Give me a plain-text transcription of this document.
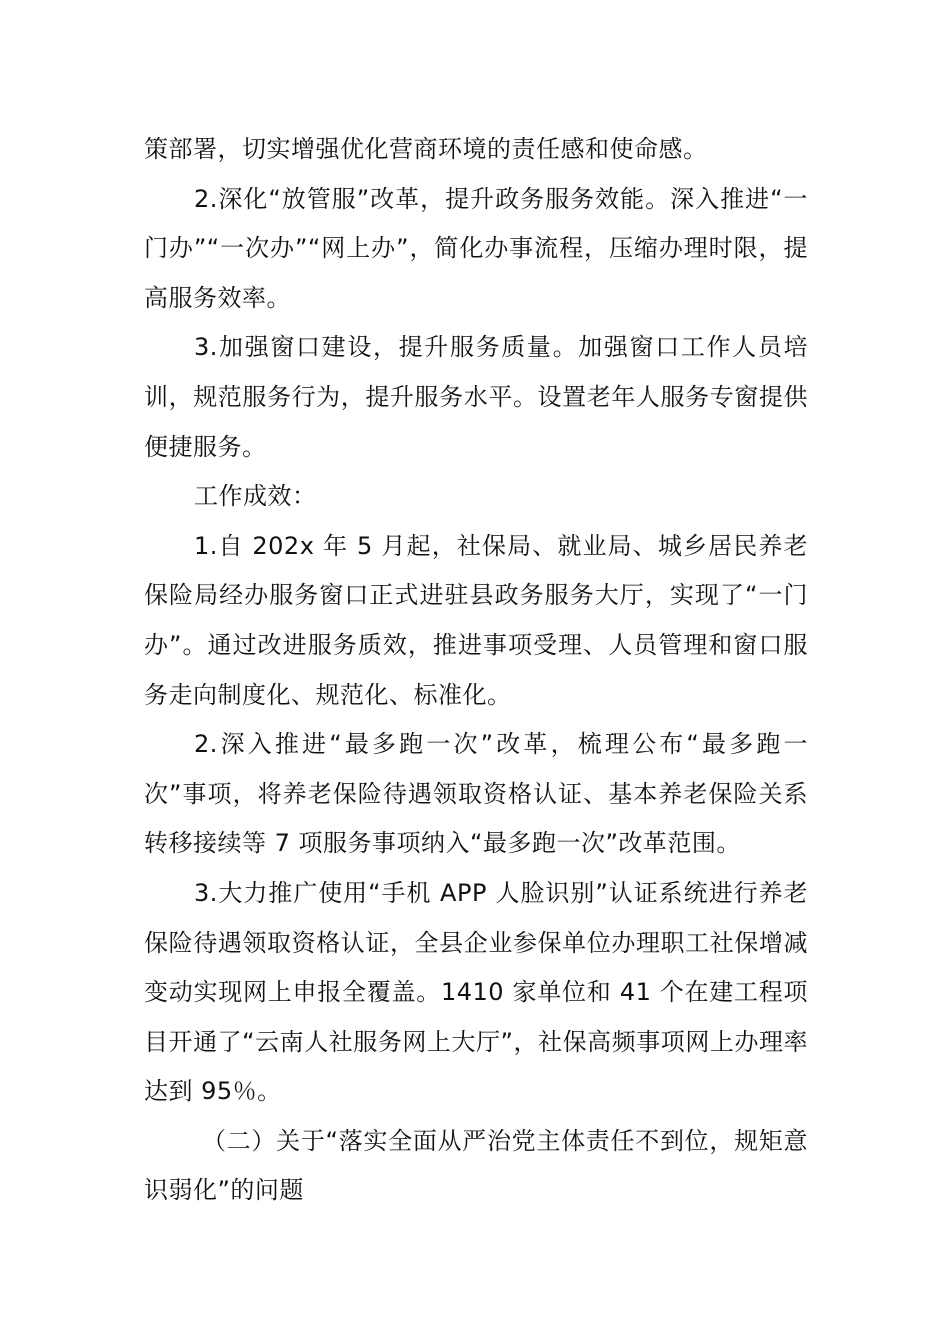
策部署，切实增强优化营商环境的责任感和使命感。

2.深化“放管服”改革，提升政务服务效能。深入推进“一门办”“一次办”“网上办”，简化办事流程，压缩办理时限，提高服务效率。

3.加强窗口建设，提升服务质量。加强窗口工作人员培训，规范服务行为，提升服务水平。设置老年人服务专窗提供便捷服务。

工作成效：

1.自 202x 年 5 月起，社保局、就业局、城乡居民养老保险局经办服务窗口正式进驻县政务服务大厅，实现了“一门办”。通过改进服务质效，推进事项受理、人员管理和窗口服务走向制度化、规范化、标准化。

2.深入推进“最多跑一次”改革，梳理公布“最多跑一次”事项，将养老保险待遇领取资格认证、基本养老保险关系转移接续等 7 项服务事项纳入“最多跑一次”改革范围。

3.大力推广使用“手机 APP 人脸识别”认证系统进行养老保险待遇领取资格认证，全县企业参保单位办理职工社保增减变动实现网上申报全覆盖。1410 家单位和 41 个在建工程项目开通了“云南人社服务网上大厅”，社保高频事项网上办理率达到 95％。

（二）关于“落实全面从严治党主体责任不到位，规矩意识弱化”的问题
